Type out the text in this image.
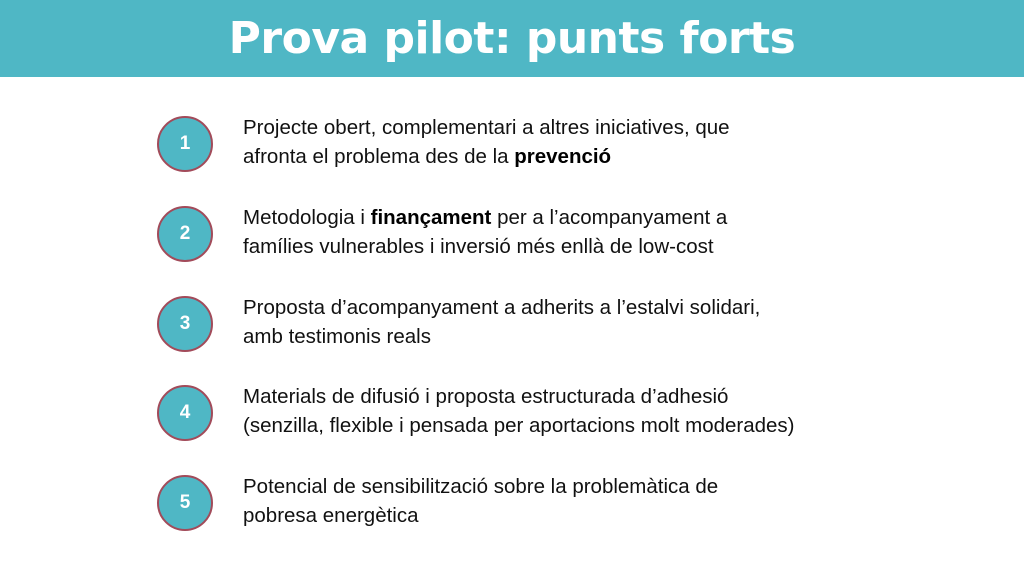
Prova pilot: punts forts
1
Projecte obert, complementari a altres iniciatives, que
afronta el problema des de la prevenció
2
Metodologia i finançament per a l’acompanyament a
famílies vulnerables i inversió més enllà de low-cost
3
Proposta d’acompanyament a adherits a l’estalvi solidari,
amb testimonis reals
4
Materials de difusió i proposta estructurada d’adhesió
(senzilla, flexible i pensada per aportacions molt moderades)
5
Potencial de sensibilització sobre la problemàtica de
pobresa energètica
